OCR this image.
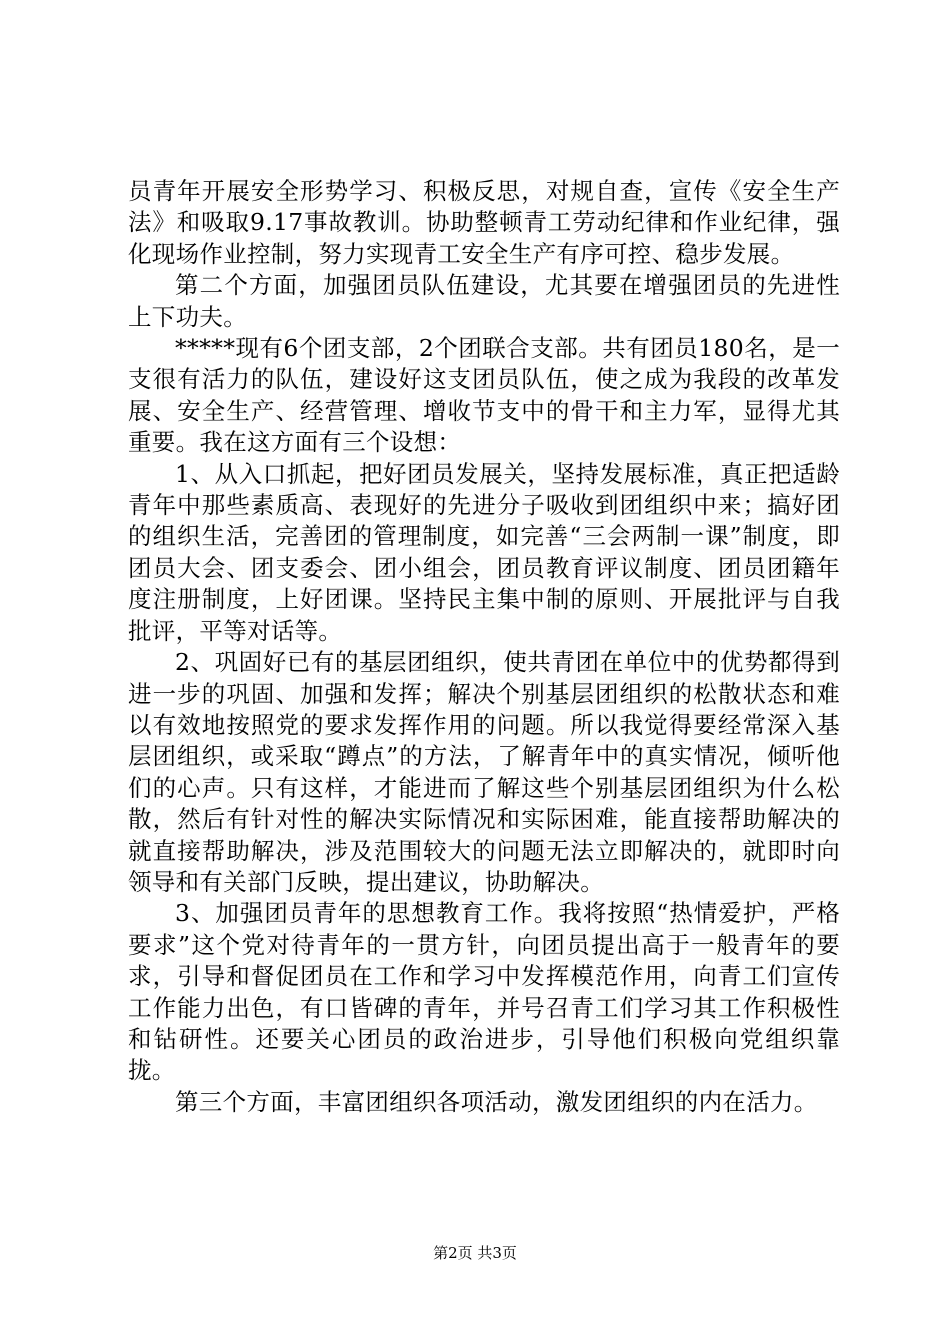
员青年开展安全形势学习、积极反思，对规自查，宣传《安全生产法》和吸取9.17事故教训。协助整顿青工劳动纪律和作业纪律，强化现场作业控制，努力实现青工安全生产有序可控、稳步发展。

第二个方面，加强团员队伍建设，尤其要在增强团员的先进性上下功夫。

*****现有6个团支部，2个团联合支部。共有团员180名，是一支很有活力的队伍，建设好这支团员队伍，使之成为我段的改革发展、安全生产、经营管理、增收节支中的骨干和主力军，显得尤其重要。我在这方面有三个设想：

1、从入口抓起，把好团员发展关，坚持发展标准，真正把适龄青年中那些素质高、表现好的先进分子吸收到团组织中来；搞好团的组织生活，完善团的管理制度，如完善“三会两制一课”制度，即团员大会、团支委会、团小组会，团员教育评议制度、团员团籍年度注册制度，上好团课。坚持民主集中制的原则、开展批评与自我批评，平等对话等。

2、巩固好已有的基层团组织，使共青团在单位中的优势都得到进一步的巩固、加强和发挥；解决个别基层团组织的松散状态和难以有效地按照党的要求发挥作用的问题。所以我觉得要经常深入基层团组织，或采取“蹲点”的方法，了解青年中的真实情况，倾听他们的心声。只有这样，才能进而了解这些个别基层团组织为什么松散，然后有针对性的解决实际情况和实际困难，能直接帮助解决的就直接帮助解决，涉及范围较大的问题无法立即解决的，就即时向领导和有关部门反映，提出建议，协助解决。

3、加强团员青年的思想教育工作。我将按照“热情爱护，严格要求”这个党对待青年的一贯方针，向团员提出高于一般青年的要求，引导和督促团员在工作和学习中发挥模范作用，向青工们宣传工作能力出色，有口皆碑的青年，并号召青工们学习其工作积极性和钻研性。还要关心团员的政治进步，引导他们积极向党组织靠拢。

第三个方面，丰富团组织各项活动，激发团组织的内在活力。

第2页 共3页
